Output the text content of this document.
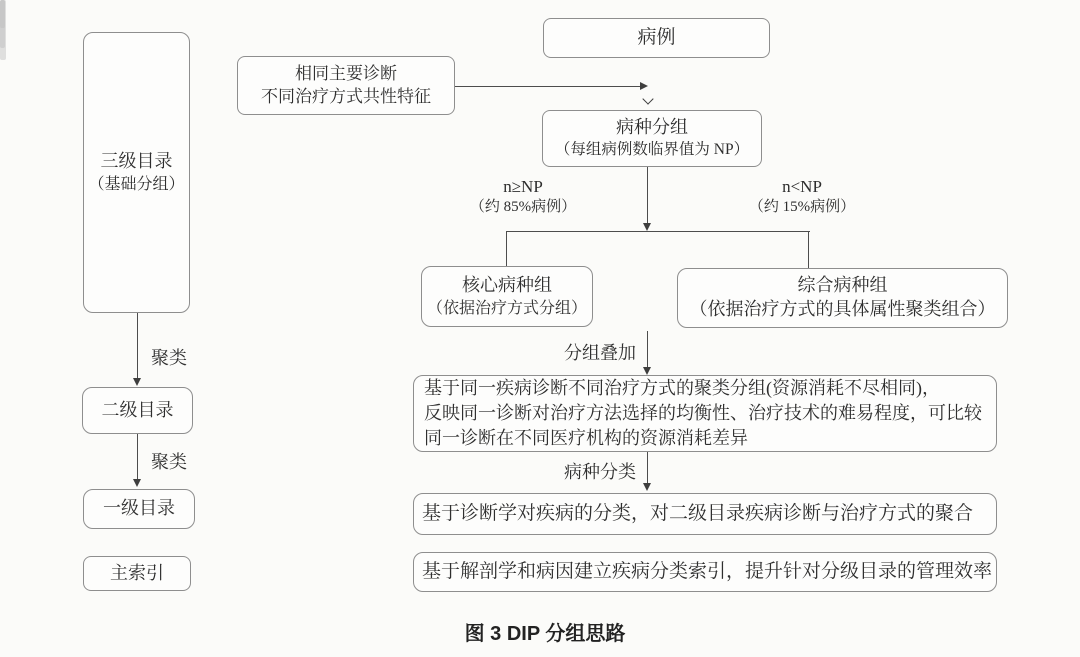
三级目录
（基础分组）
聚类
二级目录
聚类
一级目录
主索引
病例
相同主要诊断
不同治疗方式共性特征
病种分组
（每组病例数临界值为 NP）
n≥NP
（约 85%病例）
n<NP
（约 15%病例）
核心病种组
（依据治疗方式分组）
综合病种组
（依据治疗方式的具体属性聚类组合）
分组叠加
基于同一疾病诊断不同治疗方式的聚类分组(资源消耗不尽相同)，
反映同一诊断对治疗方法选择的均衡性、治疗技术的难易程度，可比较
同一诊断在不同医疗机构的资源消耗差异
病种分类
基于诊断学对疾病的分类，对二级目录疾病诊断与治疗方式的聚合
基于解剖学和病因建立疾病分类索引，提升针对分级目录的管理效率
图 3 DIP 分组思路
